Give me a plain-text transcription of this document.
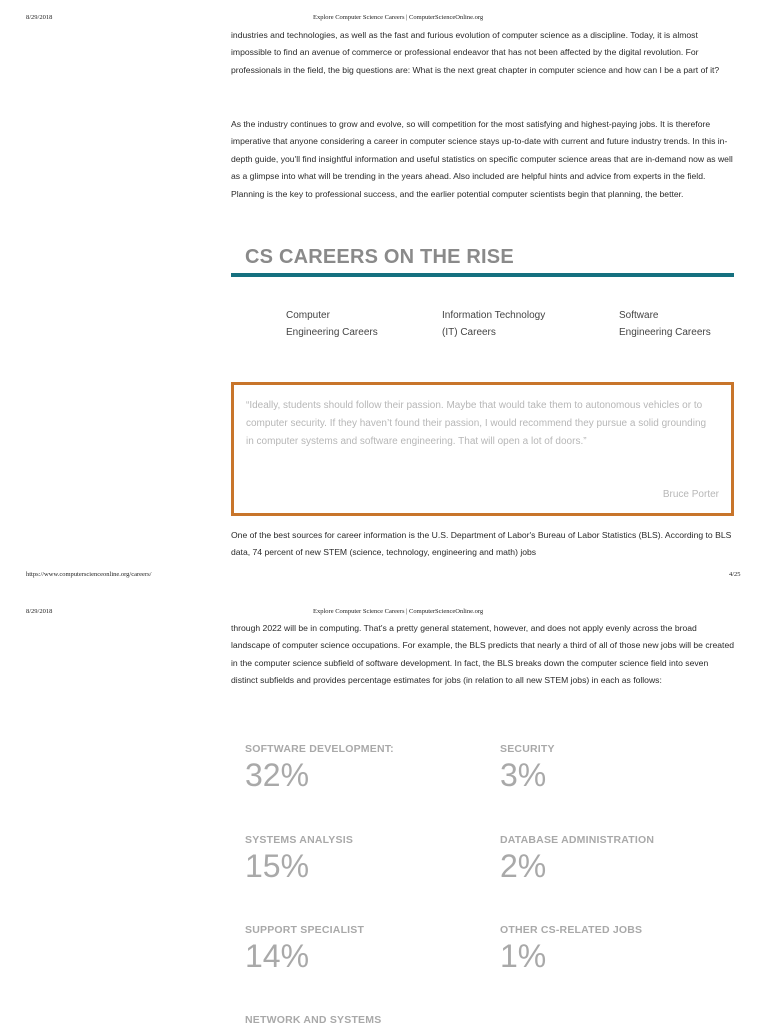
8/29/2018	Explore Computer Science Careers | ComputerScienceOnline.org

industries and technologies, as well as the fast and furious evolution of computer science as a discipline. Today, it is almost impossible to find an avenue of commerce or professional endeavor that has not been affected by the digital revolution. For professionals in the field, the big questions are: What is the next great chapter in computer science and how can I be a part of it?

As the industry continues to grow and evolve, so will competition for the most satisfying and highest-paying jobs. It is therefore imperative that anyone considering a career in computer science stays up-to-date with current and future industry trends. In this in-depth guide, you'll find insightful information and useful statistics on specific computer science areas that are in-demand now as well as a glimpse into what will be trending in the years ahead. Also included are helpful hints and advice from experts in the field. Planning is the key to professional success, and the earlier potential computer scientists begin that planning, the better.

CS CAREERS ON THE RISE
Computer
Engineering Careers
Information Technology
(IT) Careers
Software
Engineering Careers

“Ideally, students should follow their passion. Maybe that would take them to autonomous vehicles or to computer security. If they haven’t found their passion, I would recommend they pursue a solid grounding in computer systems and software engineering. That will open a lot of doors.”

Bruce Porter

One of the best sources for career information is the U.S. Department of Labor's Bureau of Labor Statistics (BLS). According to BLS data, 74 percent of new STEM (science, technology, engineering and math) jobs

https://www.computerscienceonline.org/careers/	4/25
8/29/2018	Explore Computer Science Careers | ComputerScienceOnline.org

through 2022 will be in computing. That's a pretty general statement, however, and does not apply evenly across the broad landscape of computer science occupations. For example, the BLS predicts that nearly a third of all of those new jobs will be created in the computer science subfield of software development. In fact, the BLS breaks down the computer science field into seven distinct subfields and provides percentage estimates for jobs (in relation to all new STEM jobs) in each as follows:

SOFTWARE DEVELOPMENT:
32%
SECURITY
3%
SYSTEMS ANALYSIS
15%
DATABASE ADMINISTRATION
2%
SUPPORT SPECIALIST
14%
OTHER CS-RELATED JOBS
1%
NETWORK AND SYSTEMS
